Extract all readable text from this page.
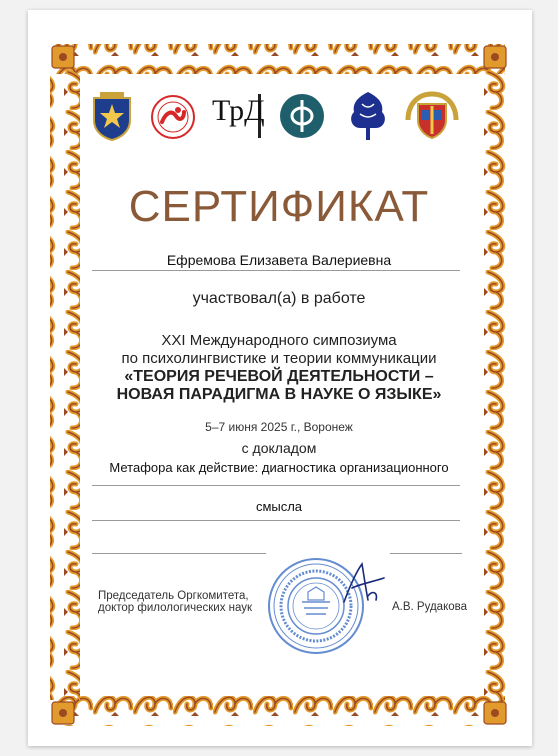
ТрД
СЕРТИФИКАТ
Ефремова Елизавета Валериевна
участвовал(а) в работе
XXI Международного симпозиума
по психолингвистике и теории коммуникации
«ТЕОРИЯ РЕЧЕВОЙ ДЕЯТЕЛЬНОСТИ –
НОВАЯ ПАРАДИГМА В НАУКЕ О ЯЗЫКЕ»
5–7 июня 2025 г., Воронеж
с докладом
Метафора как действие: диагностика организационного
смысла
Председатель Оргкомитета,
доктор филологических наук	А.В. Рудакова
